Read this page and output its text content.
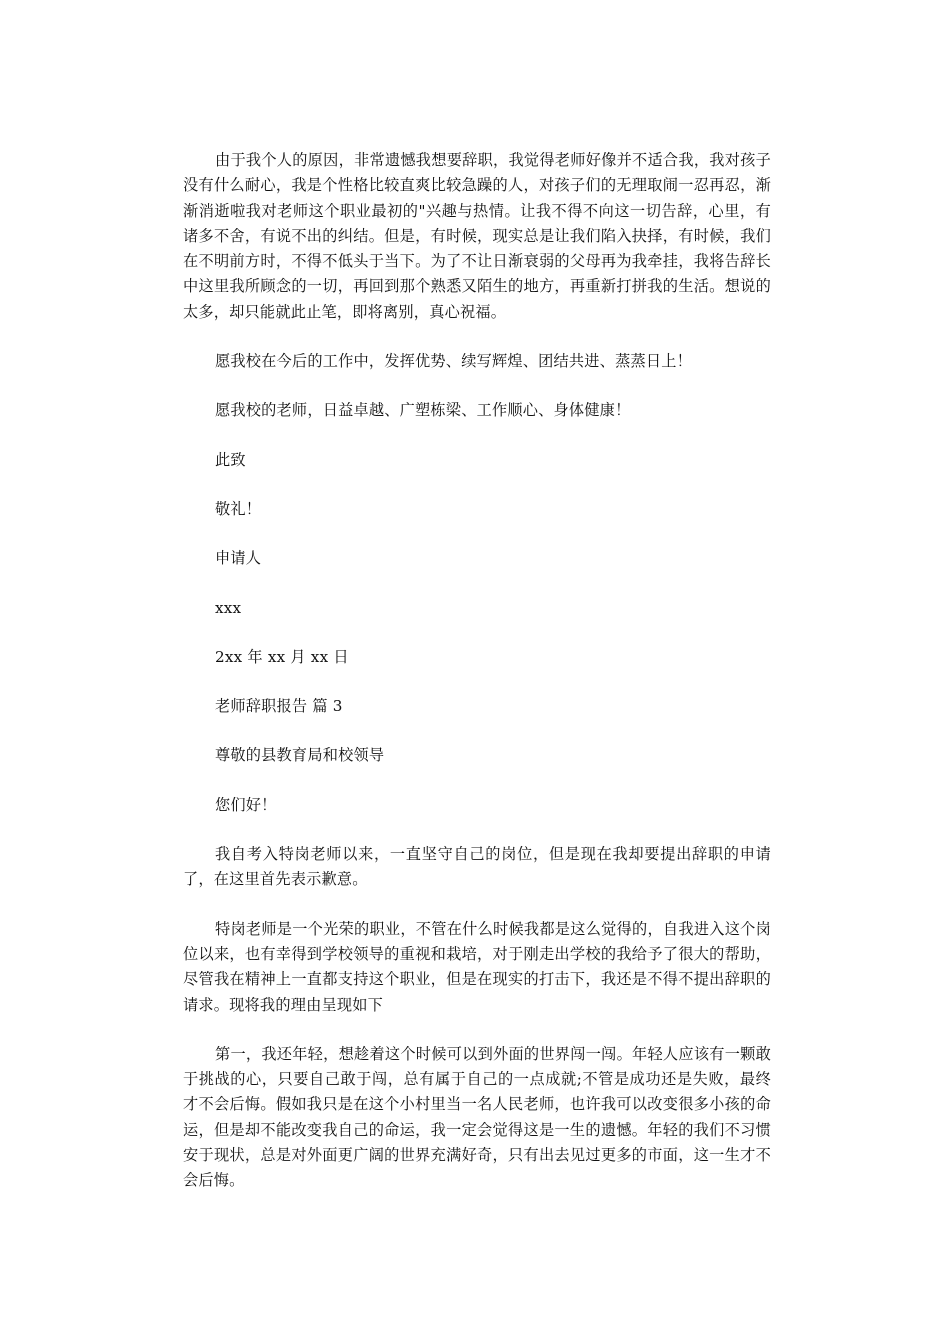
由于我个人的原因，非常遗憾我想要辞职，我觉得老师好像并不适合我，我对孩子没有什么耐心，我是个性格比较直爽比较急躁的人，对孩子们的无理取闹一忍再忍，渐渐消逝啦我对老师这个职业最初的"兴趣与热情。让我不得不向这一切告辞，心里，有诸多不舍，有说不出的纠结。但是，有时候，现实总是让我们陷入抉择，有时候，我们在不明前方时，不得不低头于当下。为了不让日渐衰弱的父母再为我牵挂，我将告辞长中这里我所顾念的一切，再回到那个熟悉又陌生的地方，再重新打拼我的生活。想说的太多，却只能就此止笔，即将离别，真心祝福。

愿我校在今后的工作中，发挥优势、续写辉煌、团结共进、蒸蒸日上！

愿我校的老师，日益卓越、广塑栋梁、工作顺心、身体健康！

此致

敬礼！

申请人

xxx

2xx 年 xx 月 xx 日

老师辞职报告 篇 3

尊敬的县教育局和校领导

您们好！

我自考入特岗老师以来，一直坚守自己的岗位，但是现在我却要提出辞职的申请了，在这里首先表示歉意。

特岗老师是一个光荣的职业，不管在什么时候我都是这么觉得的，自我进入这个岗位以来，也有幸得到学校领导的重视和栽培，对于刚走出学校的我给予了很大的帮助，尽管我在精神上一直都支持这个职业，但是在现实的打击下，我还是不得不提出辞职的请求。现将我的理由呈现如下

第一，我还年轻，想趁着这个时候可以到外面的世界闯一闯。年轻人应该有一颗敢于挑战的心，只要自己敢于闯，总有属于自己的一点成就;不管是成功还是失败，最终才不会后悔。假如我只是在这个小村里当一名人民老师，也许我可以改变很多小孩的命运，但是却不能改变我自己的命运，我一定会觉得这是一生的遗憾。年轻的我们不习惯安于现状，总是对外面更广阔的世界充满好奇，只有出去见过更多的市面，这一生才不会后悔。
